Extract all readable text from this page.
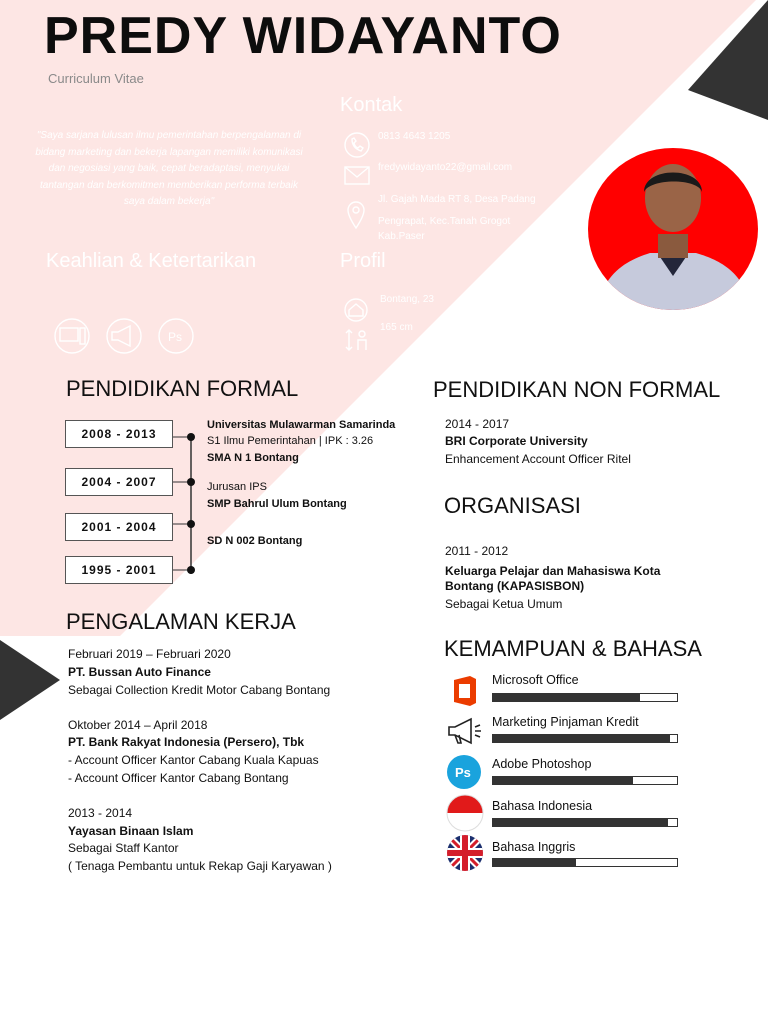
PREDY WIDAYANTO
Curriculum Vitae
"Saya sarjana lulusan ilmu pemerintahan berpengalaman di bidang marketing dan bekerja lapangan memiliki komunikasi dan negosiasi yang baik, cepat beradaptasi, menyukai tantangan dan berkomitmen memberikan performa terbaik saya dalam bekerja"
Kontak
0813 4643 1205
fredywidayanto22@gmail.com
Jl. Gajah Mada RT 8, Desa Padang
Pengrapat, Kec.Tanah Grogot
Kab.Paser
Keahlian & Ketertarikan	Profil
Ps
Bontang, 23
165 cm
PENDIDIKAN FORMAL
2008 - 2013
2004 - 2007
2001 - 2004
1995 - 2001
Universitas Mulawarman Samarinda
S1 Ilmu Pemerintahan | IPK : 3.26
SMA N 1 Bontang
Jurusan IPS
SMP Bahrul Ulum Bontang
SD N 002 Bontang
PENGALAMAN KERJA
Februari 2019 – Februari 2020
PT. Bussan Auto Finance
Sebagai Collection Kredit Motor Cabang Bontang
Oktober 2014 – April 2018
PT. Bank Rakyat Indonesia (Persero), Tbk
- Account Officer Kantor Cabang Kuala Kapuas
- Account Officer Kantor Cabang Bontang
2013 - 2014
Yayasan Binaan Islam
Sebagai Staff Kantor
( Tenaga Pembantu untuk Rekap Gaji Karyawan )
PENDIDIKAN NON FORMAL
2014 - 2017
BRI Corporate University
Enhancement Account Officer Ritel
ORGANISASI
2011 - 2012
Keluarga Pelajar dan Mahasiswa Kota
Bontang (KAPASISBON)
Sebagai Ketua Umum
KEMAMPUAN & BAHASA
Microsoft Office
Marketing Pinjaman Kredit
Ps
Adobe Photoshop
Bahasa Indonesia
Bahasa Inggris
